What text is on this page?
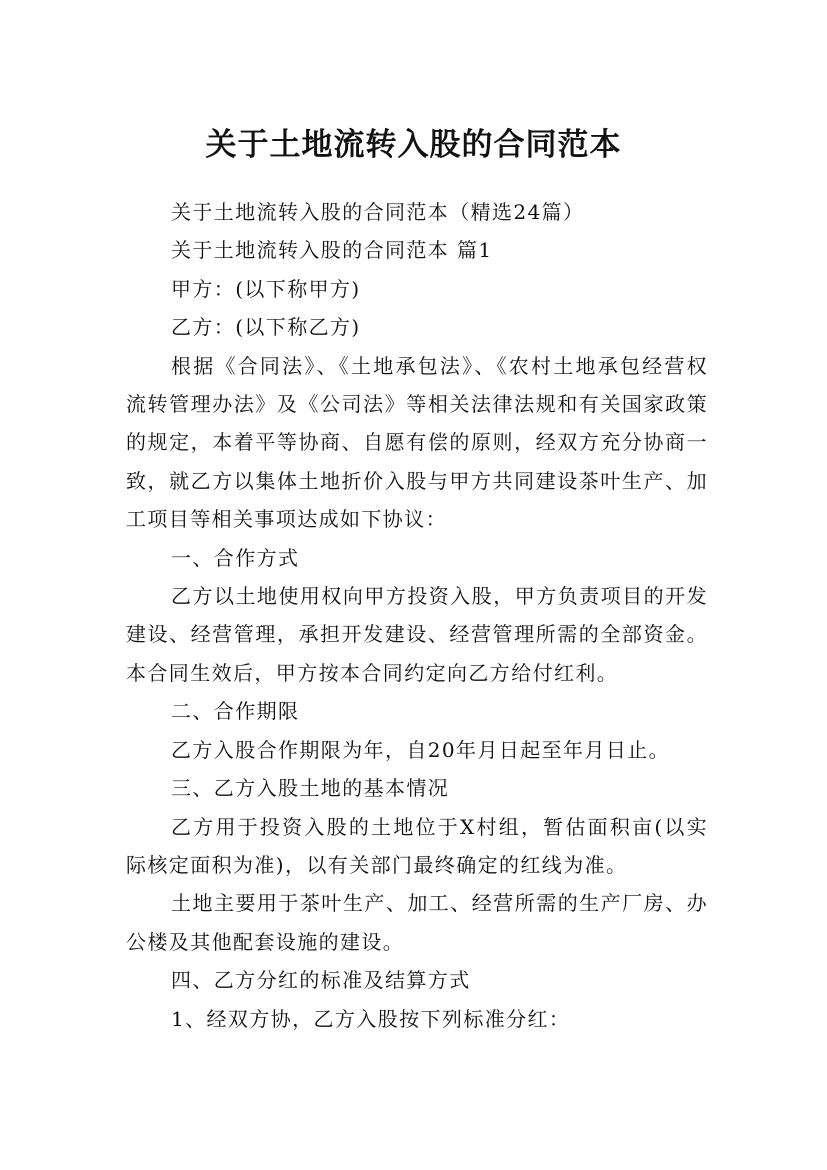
关于土地流转入股的合同范本

关于土地流转入股的合同范本（精选24篇）

关于土地流转入股的合同范本 篇1

甲方：(以下称甲方)

乙方：(以下称乙方)

根据《合同法》、《土地承包法》、《农村土地承包经营权流转管理办法》及《公司法》等相关法律法规和有关国家政策的规定，本着平等协商、自愿有偿的原则，经双方充分协商一致，就乙方以集体土地折价入股与甲方共同建设茶叶生产、加工项目等相关事项达成如下协议：

一、合作方式

乙方以土地使用权向甲方投资入股，甲方负责项目的开发建设、经营管理，承担开发建设、经营管理所需的全部资金。本合同生效后，甲方按本合同约定向乙方给付红利。

二、合作期限

乙方入股合作期限为年，自20年月日起至年月日止。

三、乙方入股土地的基本情况

乙方用于投资入股的土地位于X村组，暂估面积亩(以实际核定面积为准)，以有关部门最终确定的红线为准。

土地主要用于茶叶生产、加工、经营所需的生产厂房、办公楼及其他配套设施的建设。

四、乙方分红的标准及结算方式

1、经双方协，乙方入股按下列标准分红：
